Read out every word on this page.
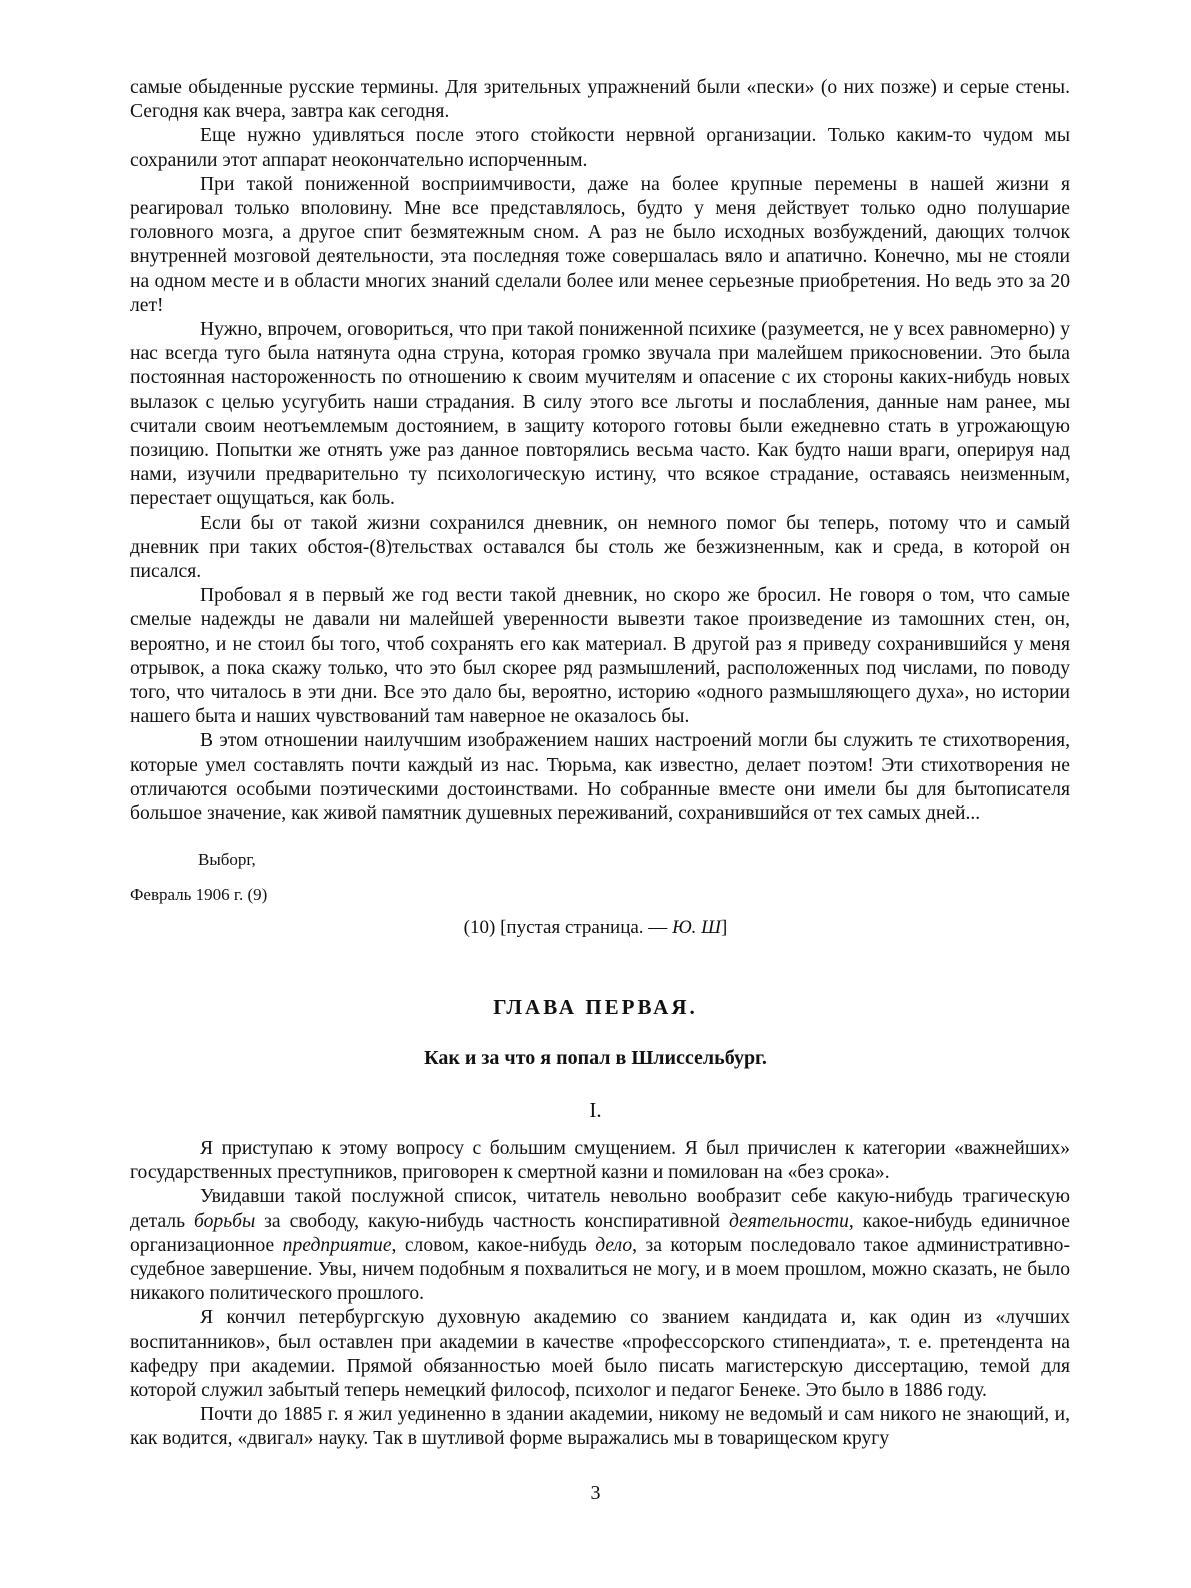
самые обыденные русские термины. Для зрительных упражнений были «пески» (о них позже) и серые стены. Сегодня как вчера, завтра как сегодня.

Еще нужно удивляться после этого стойкости нервной организации. Только каким-то чудом мы сохранили этот аппарат неокончательно испорченным.

При такой пониженной восприимчивости, даже на более крупные перемены в нашей жизни я реагировал только вполовину. Мне все представлялось, будто у меня действует только одно полушарие головного мозга, а другое спит безмятежным сном. А раз не было исходных возбуждений, дающих толчок внутренней мозговой деятельности, эта последняя тоже совершалась вяло и апатично. Конечно, мы не стояли на одном месте и в области многих знаний сделали более или менее серьезные приобретения. Но ведь это за 20 лет!

Нужно, впрочем, оговориться, что при такой пониженной психике (разумеется, не у всех равномерно) у нас всегда туго была натянута одна струна, которая громко звучала при малейшем прикосновении. Это была постоянная настороженность по отношению к своим мучителям и опасение с их стороны каких-нибудь новых вылазок с целью усугубить наши страдания. В силу этого все льготы и послабления, данные нам ранее, мы считали своим неотъемлемым достоянием, в защиту которого готовы были ежедневно стать в угрожающую позицию. Попытки же отнять уже раз данное повторялись весьма часто. Как будто наши враги, оперируя над нами, изучили предварительно ту психологическую истину, что всякое страдание, оставаясь неизменным, перестает ощущаться, как боль.

Если бы от такой жизни сохранился дневник, он немного помог бы теперь, потому что и самый дневник при таких обстоя-(8)тельствах оставался бы столь же безжизненным, как и среда, в которой он писался.

Пробовал я в первый же год вести такой дневник, но скоро же бросил. Не говоря о том, что самые смелые надежды не давали ни малейшей уверенности вывезти такое произведение из тамошних стен, он, вероятно, и не стоил бы того, чтоб сохранять его как материал. В другой раз я приведу сохранившийся у меня отрывок, а пока скажу только, что это был скорее ряд размышлений, расположенных под числами, по поводу того, что читалось в эти дни. Все это дало бы, вероятно, историю «одного размышляющего духа», но истории нашего быта и наших чувствований там наверное не оказалось бы.

В этом отношении наилучшим изображением наших настроений могли бы служить те стихотворения, которые умел составлять почти каждый из нас. Тюрьма, как известно, делает поэтом! Эти стихотворения не отличаются особыми поэтическими достоинствами. Но собранные вместе они имели бы для бытописателя большое значение, как живой памятник душевных переживаний, сохранившийся от тех самых дней...

Выборг,
Февраль 1906 г. (9)
(10) [пустая страница. — Ю. Ш]
ГЛАВА ПЕРВАЯ.
Как и за что я попал в Шлиссельбург.
I.

Я приступаю к этому вопросу с большим смущением. Я был причислен к категории «важнейших» государственных преступников, приговорен к смертной казни и помилован на «без срока».

Увидавши такой послужной список, читатель невольно вообразит себе какую-нибудь трагическую деталь борьбы за свободу, какую-нибудь частность конспиративной деятельности, какое-нибудь единичное организационное предприятие, словом, какое-нибудь дело, за которым последовало такое административно-судебное завершение. Увы, ничем подобным я похвалиться не могу, и в моем прошлом, можно сказать, не было никакого политического прошлого.

Я кончил петербургскую духовную академию со званием кандидата и, как один из «лучших воспитанников», был оставлен при академии в качестве «профессорского стипендиата», т. е. претендента на кафедру при академии. Прямой обязанностью моей было писать магистерскую диссертацию, темой для которой служил забытый теперь немецкий философ, психолог и педагог Бенеке. Это было в 1886 году.

Почти до 1885 г. я жил уединенно в здании академии, никому не ведомый и сам никого не знающий, и, как водится, «двигал» науку. Так в шутливой форме выражались мы в товарищеском кругу

3
